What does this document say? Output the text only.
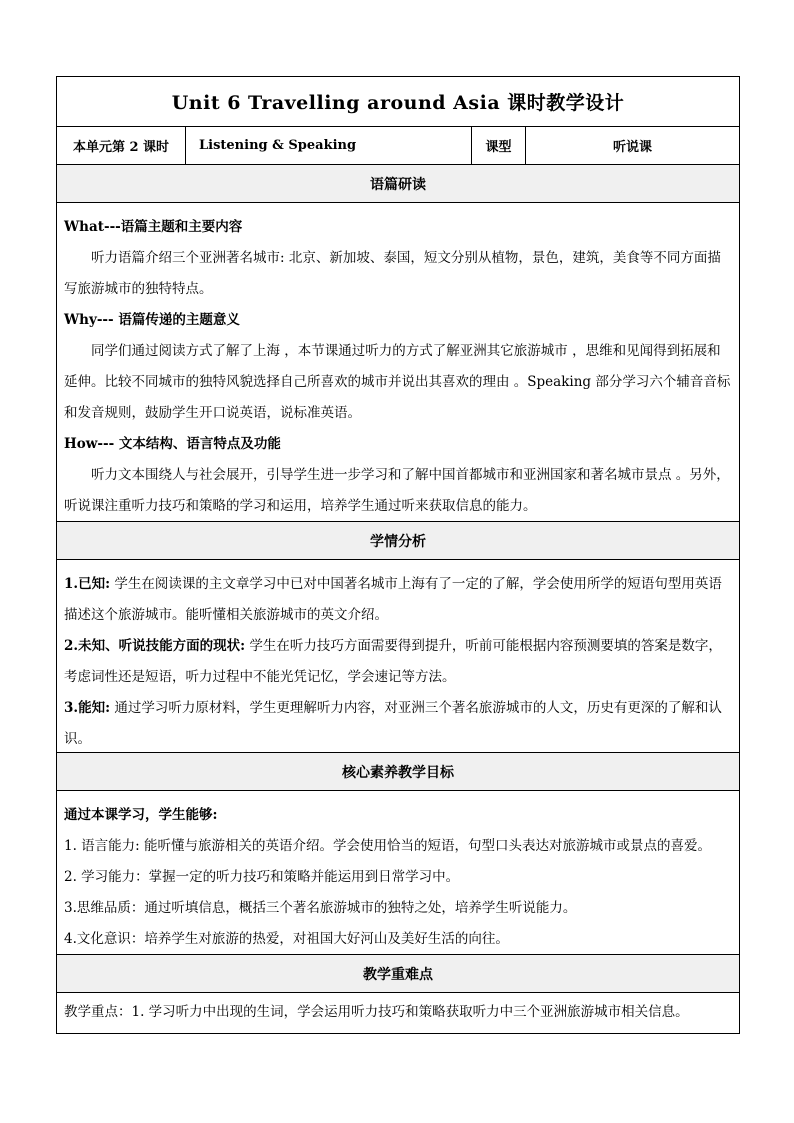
Unit 6 Travelling around Asia 课时教学设计
本单元第 2 课时	Listening & Speaking	课型	听说课
语篇研读

What---语篇主题和主要内容

听力语篇介绍三个亚洲著名城市: 北京、新加坡、泰国，短文分别从植物，景色，建筑，美食等不同方面描写旅游城市的独特特点。

Why--- 语篇传递的主题意义

同学们通过阅读方式了解了上海 ，本节课通过听力的方式了解亚洲其它旅游城市 ，思维和见闻得到拓展和延伸。比较不同城市的独特风貌选择自己所喜欢的城市并说出其喜欢的理由 。Speaking 部分学习六个辅音音标和发音规则，鼓励学生开口说英语，说标准英语。

How--- 文本结构、语言特点及功能

听力文本围绕人与社会展开，引导学生进一步学习和了解中国首都城市和亚洲国家和著名城市景点 。另外，听说课注重听力技巧和策略的学习和运用，培养学生通过听来获取信息的能力。

学情分析

1.已知: 学生在阅读课的主文章学习中已对中国著名城市上海有了一定的了解，学会使用所学的短语句型用英语描述这个旅游城市。能听懂相关旅游城市的英文介绍。

2.未知、听说技能方面的现状: 学生在听力技巧方面需要得到提升，听前可能根据内容预测要填的答案是数字，考虑词性还是短语，听力过程中不能光凭记忆，学会速记等方法。

3.能知: 通过学习听力原材料，学生更理解听力内容，对亚洲三个著名旅游城市的人文，历史有更深的了解和认识。

核心素养教学目标

通过本课学习，学生能够:

1. 语言能力: 能听懂与旅游相关的英语介绍。学会使用恰当的短语，句型口头表达对旅游城市或景点的喜爱。

2. 学习能力：掌握一定的听力技巧和策略并能运用到日常学习中。

3.思维品质：通过听填信息，概括三个著名旅游城市的独特之处，培养学生听说能力。

4.文化意识：培养学生对旅游的热爱，对祖国大好河山及美好生活的向往。

教学重难点

教学重点：1. 学习听力中出现的生词，学会运用听力技巧和策略获取听力中三个亚洲旅游城市相关信息。
